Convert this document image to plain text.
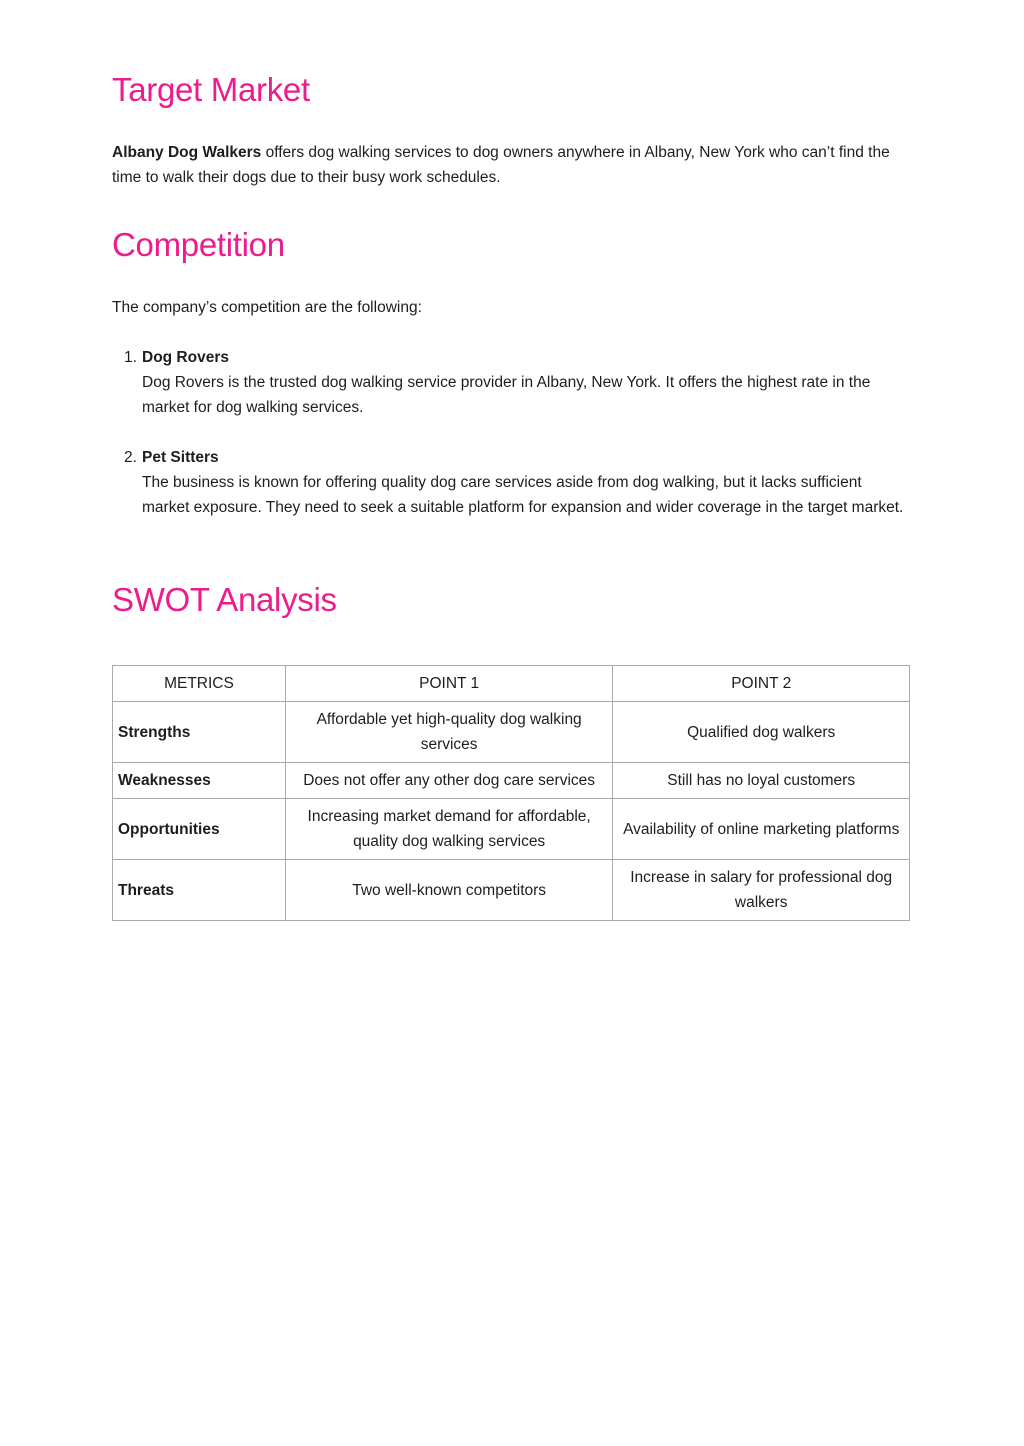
Target Market

Albany Dog Walkers offers dog walking services to dog owners anywhere in Albany, New York who can’t find the time to walk their dogs due to their busy work schedules.

Competition

The company’s competition are the following:

1. Dog Rovers
Dog Rovers is the trusted dog walking service provider in Albany, New York. It offers the highest rate in the market for dog walking services.
2. Pet Sitters
The business is known for offering quality dog care services aside from dog walking, but it lacks sufficient market exposure. They need to seek a suitable platform for expansion and wider coverage in the target market.
SWOT Analysis
METRICS	POINT 1	POINT 2
Strengths	Affordable yet high-quality dog walking services	Qualified dog walkers
Weaknesses	Does not offer any other dog care services	Still has no loyal customers
Opportunities	Increasing market demand for affordable, quality dog walking services	Availability of online marketing platforms
Threats	Two well-known competitors	Increase in salary for professional dog walkers
